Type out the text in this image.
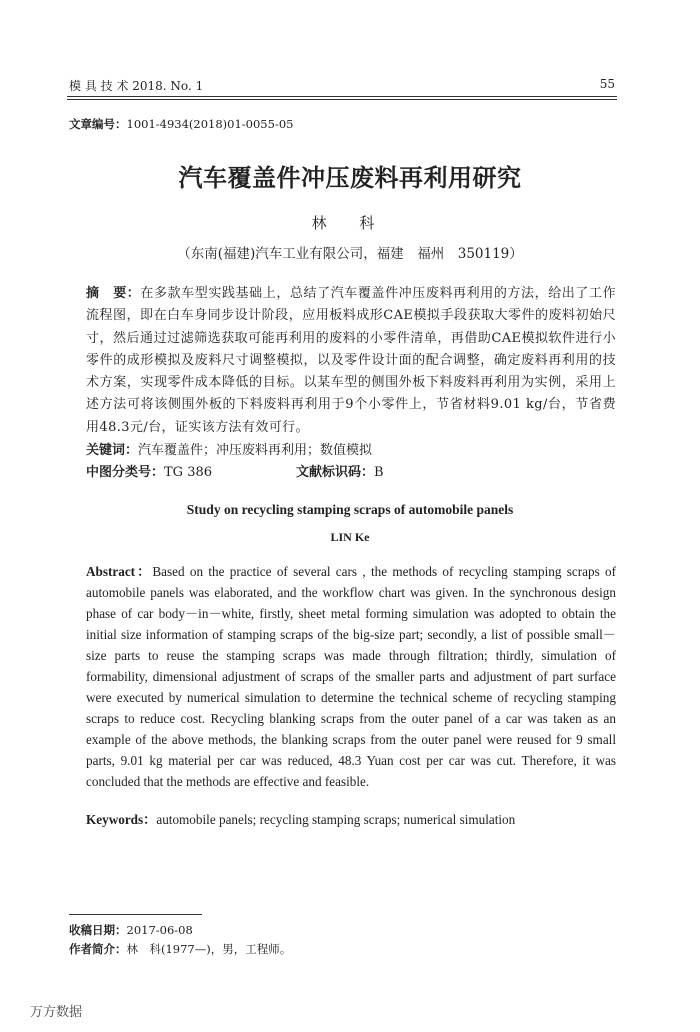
模 具 技 术 2018. No. 1	55
文章编号：1001-4934(2018)01-0055-05
汽车覆盖件冲压废料再利用研究
林 科
（东南(福建)汽车工业有限公司，福建　福州　350119）
摘　要：在多款车型实践基础上，总结了汽车覆盖件冲压废料再利用的方法，给出了工作流程图，即在白车身同步设计阶段，应用板料成形CAE模拟手段获取大零件的废料初始尺寸，然后通过过滤筛选获取可能再利用的废料的小零件清单，再借助CAE模拟软件进行小零件的成形模拟及废料尺寸调整模拟，以及零件设计面的配合调整，确定废料再利用的技术方案，实现零件成本降低的目标。以某车型的侧围外板下料废料再利用为实例，采用上述方法可将该侧围外板的下料废料再利用于9个小零件上，节省材料9.01 kg/台，节省费用48.3元/台，证实该方法有效可行。
关键词：汽车覆盖件；冲压废料再利用；数值模拟
中图分类号：TG 386	文献标识码：B
Study on recycling stamping scraps of automobile panels
LIN Ke
Abstract：Based on the practice of several cars , the methods of recycling stamping scraps of automobile panels was elaborated, and the workflow chart was given. In the synchronous design phase of car body－in－white, firstly, sheet metal forming simulation was adopted to obtain the initial size information of stamping scraps of the big-size part; secondly, a list of possible small－size parts to reuse the stamping scraps was made through filtration; thirdly, simulation of formability, dimensional adjustment of scraps of the smaller parts and adjustment of part surface were executed by numerical simulation to determine the technical scheme of recycling stamping scraps to reduce cost. Recycling blanking scraps from the outer panel of a car was taken as an example of the above methods, the blanking scraps from the outer panel were reused for 9 small parts, 9.01 kg material per car was reduced, 48.3 Yuan cost per car was cut. Therefore, it was concluded that the methods are effective and feasible.
Keywords：automobile panels; recycling stamping scraps; numerical simulation
收稿日期：2017-06-08
作者简介：林　科(1977—)，男，工程师。
万方数据
